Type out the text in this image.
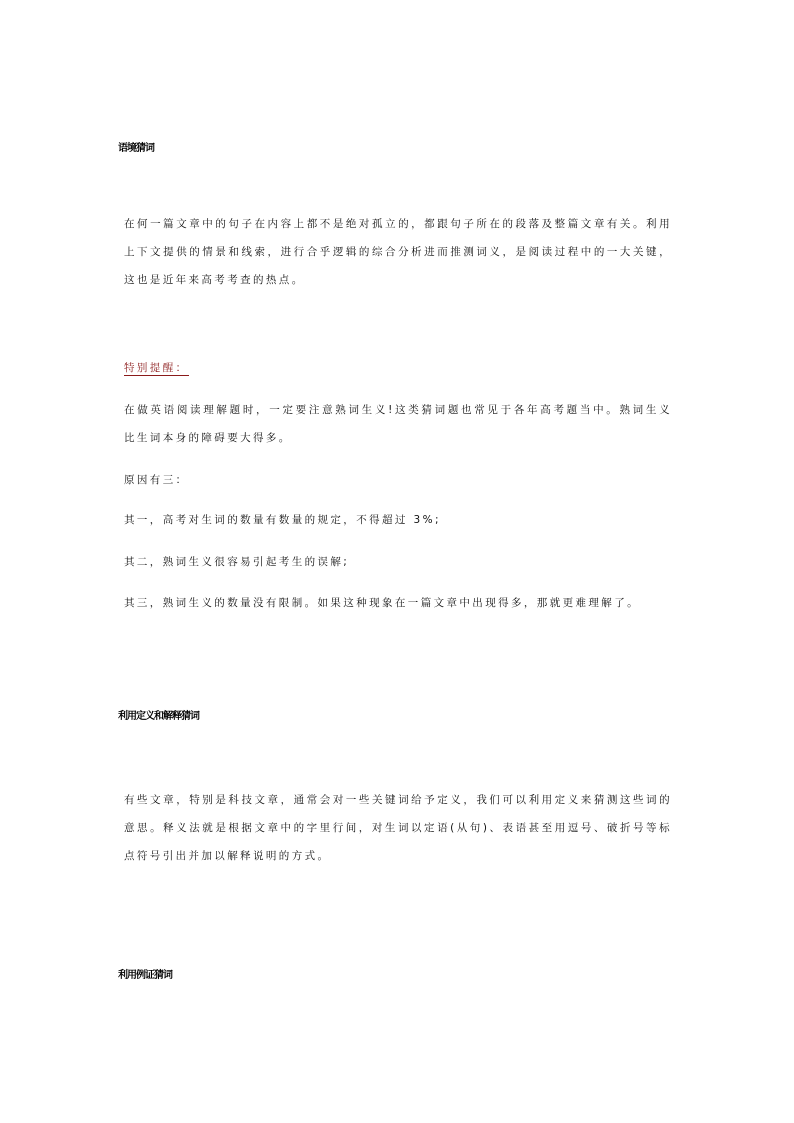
语境猜词

在何一篇文章中的句子在内容上都不是绝对孤立的，都跟句子所在的段落及整篇文章有关。利用上下文提供的情景和线索，进行合乎逻辑的综合分析进而推测词义，是阅读过程中的一大关键，这也是近年来高考考查的热点。

特别提醒：

在做英语阅读理解题时，一定要注意熟词生义!这类猜词题也常见于各年高考题当中。熟词生义比生词本身的障碍要大得多。

原因有三：
其一，高考对生词的数量有数量的规定，不得超过 3%;
其二，熟词生义很容易引起考生的误解;
其三，熟词生义的数量没有限制。如果这种现象在一篇文章中出现得多，那就更难理解了。
利用定义和解释猜词

有些文章，特别是科技文章，通常会对一些关键词给予定义，我们可以利用定义来猜测这些词的意思。释义法就是根据文章中的字里行间，对生词以定语(从句)、表语甚至用逗号、破折号等标点符号引出并加以解释说明的方式。

利用例证猜词
